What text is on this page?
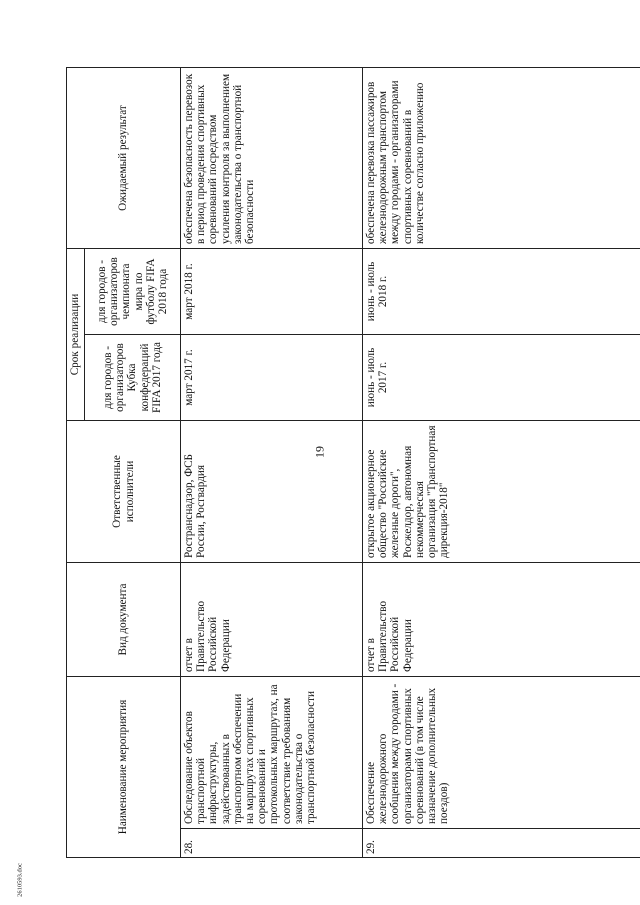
19
2610593.doc
Наименование мероприятия		Вид документа	Ответственные исполнители	Срок реализации		Ожидаемый результат
				для городов - организаторов Кубка конфедераций FIFA 2017 года	для городов - организаторов чемпионата мира по футболу FIFA 2018 года	
28.	Обследование объектов транспортной инфраструктуры, задействованных в транспортном обеспечении на маршрутах спортивных соревнований и протокольных маршрутах, на соответствие требованиям законодательства о транспортной безопасности	отчет в Правительство Российской Федерации	Ространснадзор, ФСБ России, Росгвардия	март 2017 г.	март 2018 г.	обеспечена безопасность перевозок в период проведения спортивных соревнований посредством усиления контроля за выполнением законодательства о транспортной безопасности
29.	Обеспечение железнодорожного сообщения между городами - организаторами спортивных соревнований (в том числе назначение дополнительных поездов)	отчет в Правительство Российской Федерации	открытое акционерное общество "Российские железные дороги", Росжелдор, автономная некоммерческая организация "Транспортная дирекция-2018"	июнь - июль 2017 г.	июнь - июль 2018 г.	обеспечена перевозка пассажиров железнодорожным транспортом между городами - организаторами спортивных соревнований в количестве согласно приложению
